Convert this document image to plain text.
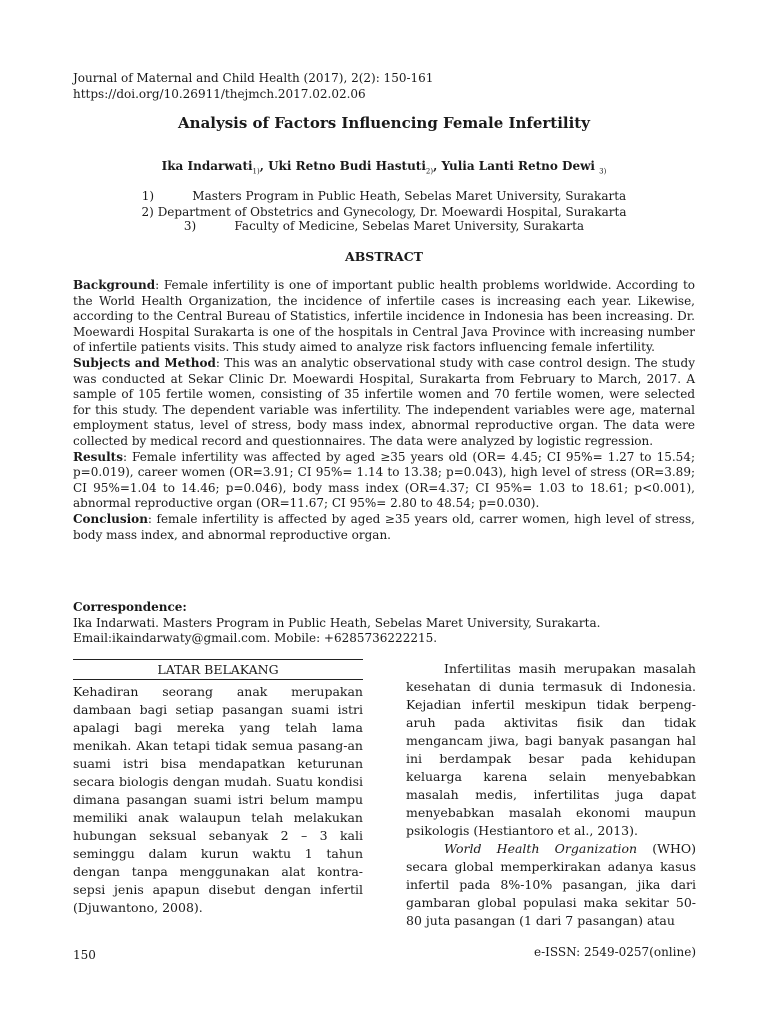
Journal of Maternal and Child Health (2017), 2(2): 150-161 https://doi.org/10.26911/thejmch.2017.02.02.06
Analysis of Factors Influencing Female Infertility
Ika Indarwati$_{1)}$, Uki Retno Budi Hastuti$_{2)}$, Yulia Lanti Retno Dewi $_{3)}$
1)	Masters Program in Public Heath, Sebelas Maret University, Surakarta
2) Department of Obstetrics and Gynecology, Dr. Moewardi Hospital, Surakarta
3)	Faculty of Medicine, Sebelas Maret University, Surakarta
ABSTRACT

Background: Female infertility is one of important public health problems worldwide. According to the World Health Organization, the incidence of infertile cases is increasing each year. Likewise, according to the Central Bureau of Statistics, infertile incidence in Indonesia has been increasing. Dr. Moewardi Hospital Surakarta is one of the hospitals in Central Java Province with increasing number of infertile patients visits. This study aimed to analyze risk factors influencing female infertility.

Subjects and Method: This was an analytic observational study with case control design. The study was conducted at Sekar Clinic Dr. Moewardi Hospital, Surakarta from February to March, 2017. A sample of 105 fertile women, consisting of 35 infertile women and 70 fertile women, were selected for this study. The dependent variable was infertility. The independent variables were age, maternal employment status, level of stress, body mass index, abnormal reproductive organ. The data were collected by medical record and questionnaires. The data were analyzed by logistic regression.

Results: Female infertility was affected by aged ≥35 years old (OR= 4.45; CI 95%= 1.27 to 15.54; p=0.019), career women (OR=3.91; CI 95%= 1.14 to 13.38; p=0.043), high level of stress (OR=3.89; CI 95%=1.04 to 14.46; p=0.046), body mass index (OR=4.37; CI 95%= 1.03 to 18.61; p<0.001), abnormal reproductive organ (OR=11.67; CI 95%= 2.80 to 48.54; p=0.030).

Conclusion: female infertility is affected by aged ≥35 years old, carrer women, high level of stress, body mass index, and abnormal reproductive organ.

Correspondence:
Ika Indarwati. Masters Program in Public Heath, Sebelas Maret University, Surakarta.
Email:ikaindarwaty@gmail.com. Mobile: +6285736222215.
LATAR BELAKANG

Kehadiran seorang anak merupakan dambaan bagi setiap pasangan suami istri apalagi bagi mereka yang telah lama menikah. Akan tetapi tidak semua pasang-an suami istri bisa mendapatkan keturunan secara biologis dengan mudah. Suatu kondisi dimana pasangan suami istri belum mampu memiliki anak walaupun telah melakukan hubungan seksual sebanyak 2 – 3 kali seminggu dalam kurun waktu 1 tahun dengan tanpa menggunakan alat kontra-sepsi jenis apapun disebut dengan infertil (Djuwantono, 2008).

Infertilitas masih merupakan masalah kesehatan di dunia termasuk di Indonesia. Kejadian infertil meskipun tidak berpeng-aruh pada aktivitas fisik dan tidak mengancam jiwa, bagi banyak pasangan hal ini berdampak besar pada kehidupan keluarga karena selain menyebabkan masalah medis, infertilitas juga dapat menyebabkan masalah ekonomi maupun psikologis (Hestiantoro et al., 2013).

World Health Organization (WHO) secara global memperkirakan adanya kasus infertil pada 8%-10% pasangan, jika dari gambaran global populasi maka sekitar 50-80 juta pasangan (1 dari 7 pasangan) atau

150	e-ISSN: 2549-0257(online)
